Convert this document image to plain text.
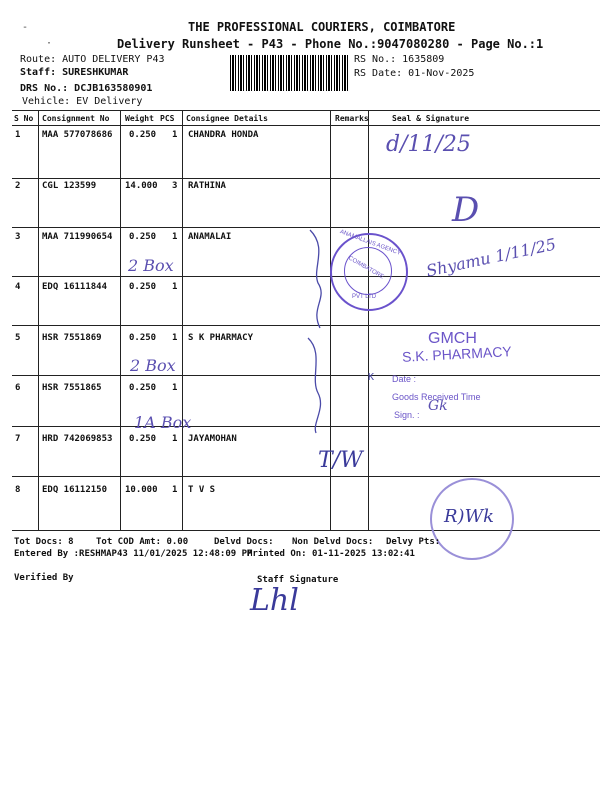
-
·
THE PROFESSIONAL COURIERS, COIMBATORE
Delivery Runsheet - P43 - Phone No.:9047080280 - Page No.:1
Route: AUTO DELIVERY P43
Staff: SURESHKUMAR
DRS No.: DCJB163580901
Vehicle: EV Delivery
RS No.: 1635809
RS Date: 01-Nov-2025
S No Consignment No Weight PCS Consignee Details	Remarks	Seal & Signature
1 MAA 577078686 0.250 1 CHANDRA HONDA
2 CGL 123599	14.000 3 RATHINA
3 MAA 711990654 0.250 1 ANAMALAI
4 EDQ 16111844 0.250 1
5 HSR 7551869	0.250 1 S K PHARMACY
6 HSR 7551865	0.250 1
7 HRD 742069853 0.250 1 JAYAMOHAN
8 EDQ 16112150 10.000 1 T V S
d/11/25
D
2 Box	Shyamu 1/11/25
2 Box
1A Box
T/W
Lhl
ANAMALLAIS AGENCY
COIMBATORE
PVT LTD
GMCH
S.K. PHARMACY
Date :
Goods Received Time
Sign. :
Gk
K
R)Wk
Tot Docs: 8 Tot COD Amt: 0.00	Delvd Docs: Non Delvd Docs: Delvy Pts:
Entered By :RESHMAP43 11/01/2025 12:48:09 PM
Printed On: 01-11-2025 13:02:41
Verified By	Staff Signature
